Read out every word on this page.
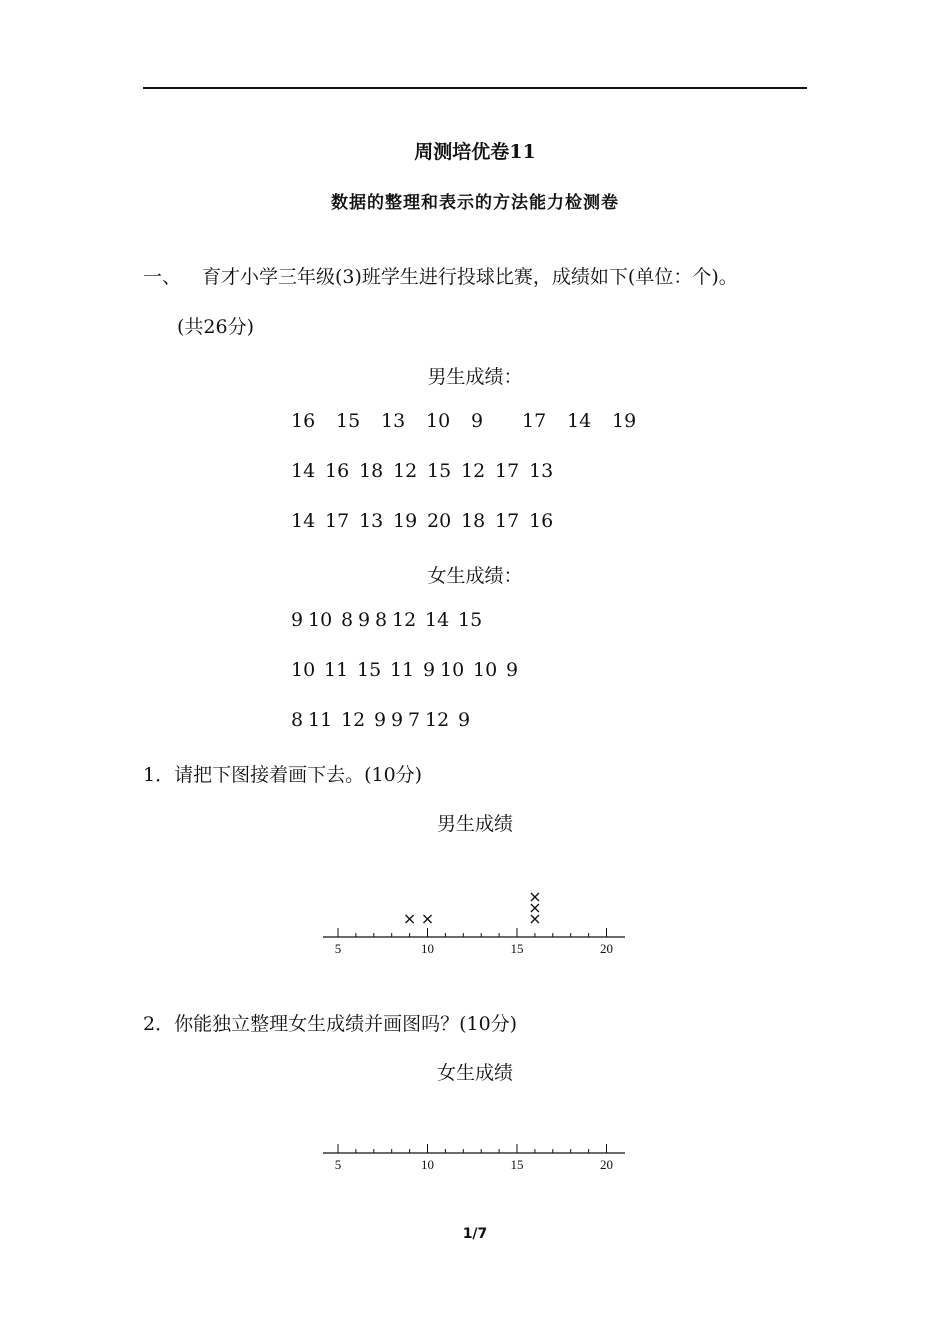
周测培优卷11
数据的整理和表示的方法能力检测卷
一、 育才小学三年级(3)班学生进行投球比赛，成绩如下(单位：个)。
(共26分)
男生成绩：
16 15 13 10 9 17 14 19
14 16 18 12 15 12 17 13
14 17 13 19 20 18 17 16
女生成绩：
9 10 8 9 8 12 14 15
10 11 15 11 9 10 10 9
8 11 12 9 9 7 12 9
1．请把下图接着画下去。(10分)
男生成绩
5	10	15	20
2．你能独立整理女生成绩并画图吗？(10分)
女生成绩
5	10	15	20
1/7
